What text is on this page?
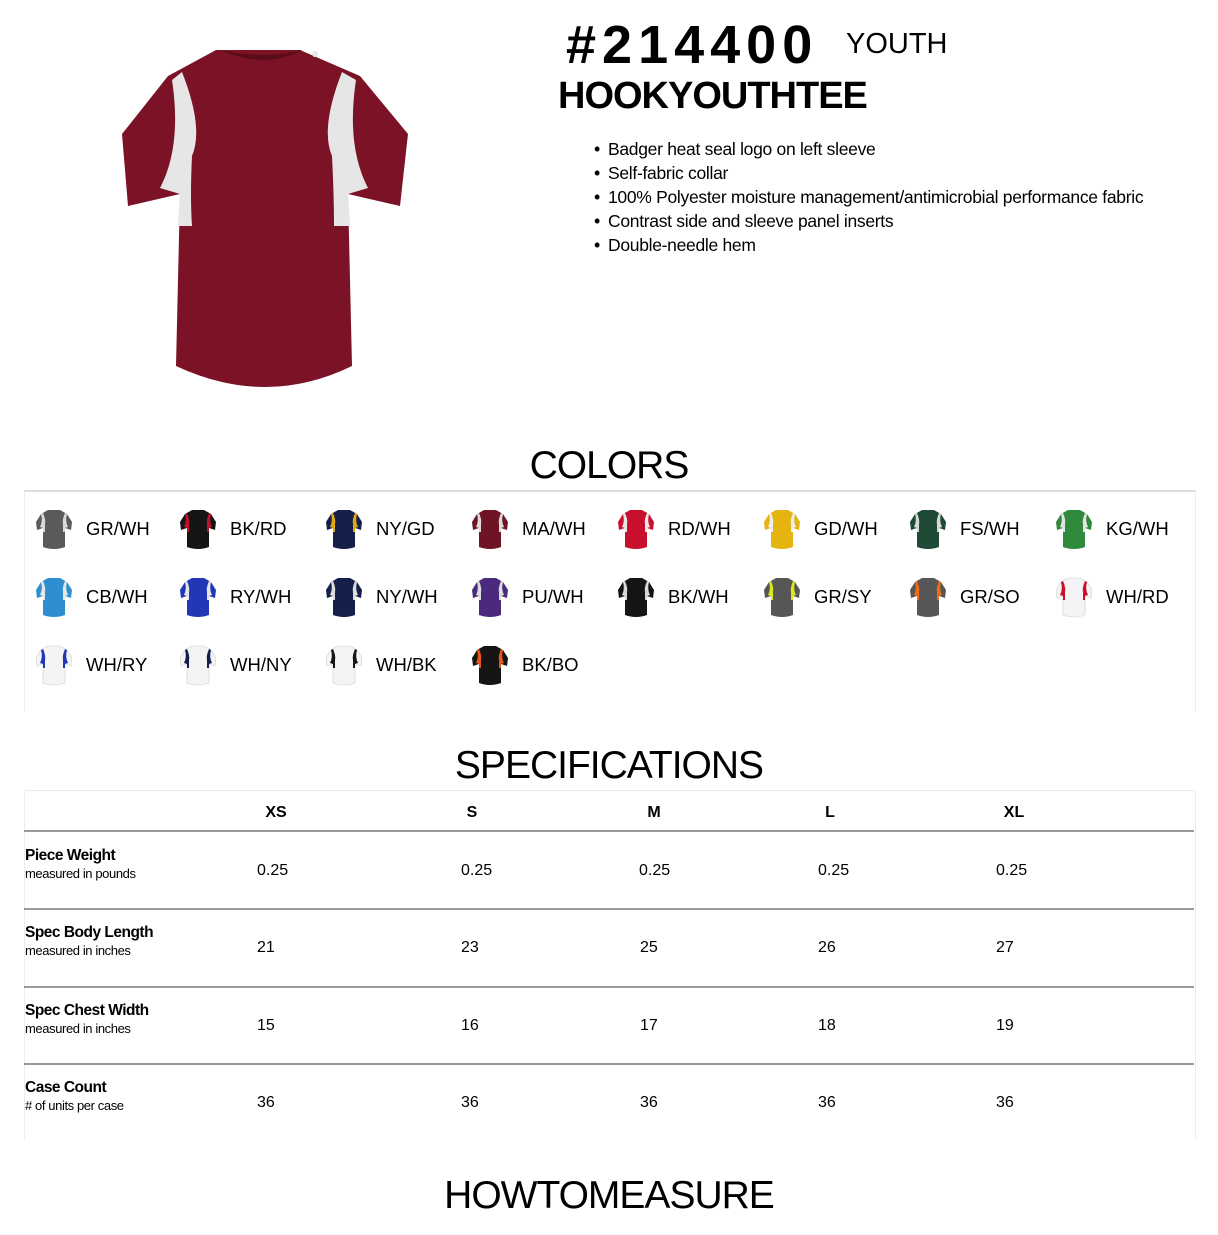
#214400 YOUTH
HOOKYOUTHTEE
• Badger heat seal logo on left sleeve
• Self-fabric collar
• 100% Polyester moisture management/antimicrobial performance fabric
• Contrast side and sleeve panel inserts
• Double-needle hem
COLORS
GR/WH	BK/RD	NY/GD	MA/WH	RD/WH	GD/WH	FS/WH	KG/WH
CB/WH	RY/WH	NY/WH	PU/WH	BK/WH	GR/SY	GR/SO	WH/RD
WH/RY	WH/NY	WH/BK	BK/BO
SPECIFICATIONS
XS	S	M	L	XL
Piece Weight
measured in pounds	0.25	0.25	0.25	0.25	0.25
Spec Body Length
measured in inches	21	23	25	26	27
Spec Chest Width
measured in inches	15	16	17	18	19
Case Count
# of units per case	36	36	36	36	36
HOWTOMEASURE
